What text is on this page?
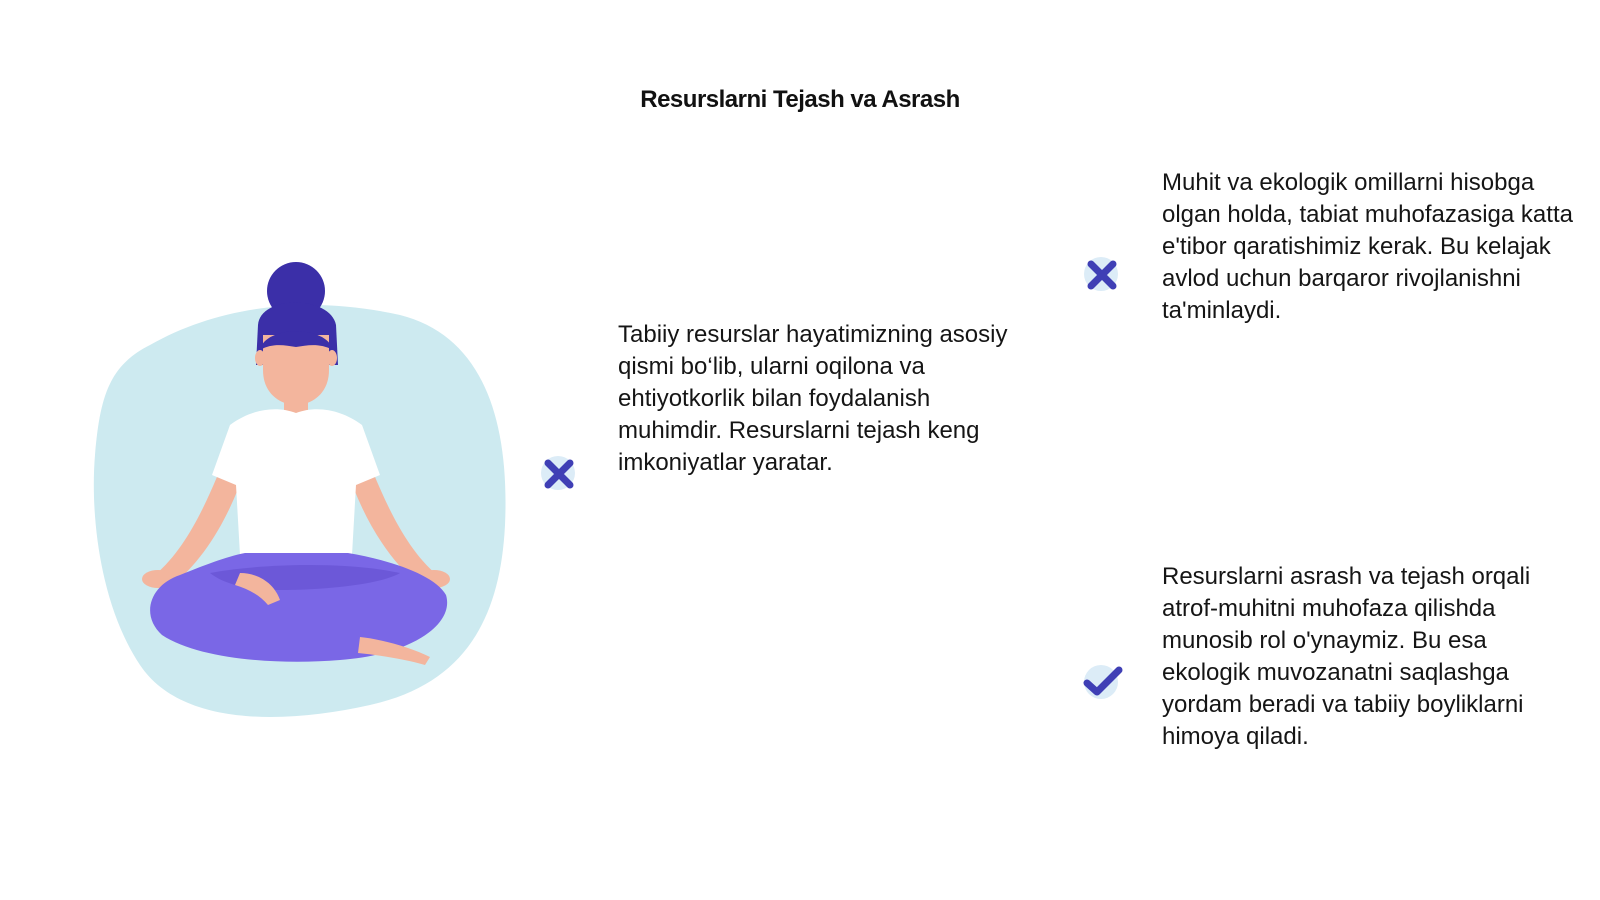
Resurslarni Tejash va Asrash
Tabiiy resurslar hayatimizning asosiy qismi bo‘lib, ularni oqilona va ehtiyotkorlik bilan foydalanish muhimdir. Resurslarni tejash keng imkoniyatlar yaratar.
Muhit va ekologik omillarni hisobga olgan holda, tabiat muhofazasiga katta e'tibor qaratishimiz kerak. Bu kelajak avlod uchun barqaror rivojlanishni ta'minlaydi.
Resurslarni asrash va tejash orqali atrof-muhitni muhofaza qilishda munosib rol o'ynaymiz. Bu esa ekologik muvozanatni saqlashga yordam beradi va tabiiy boyliklarni himoya qiladi.
